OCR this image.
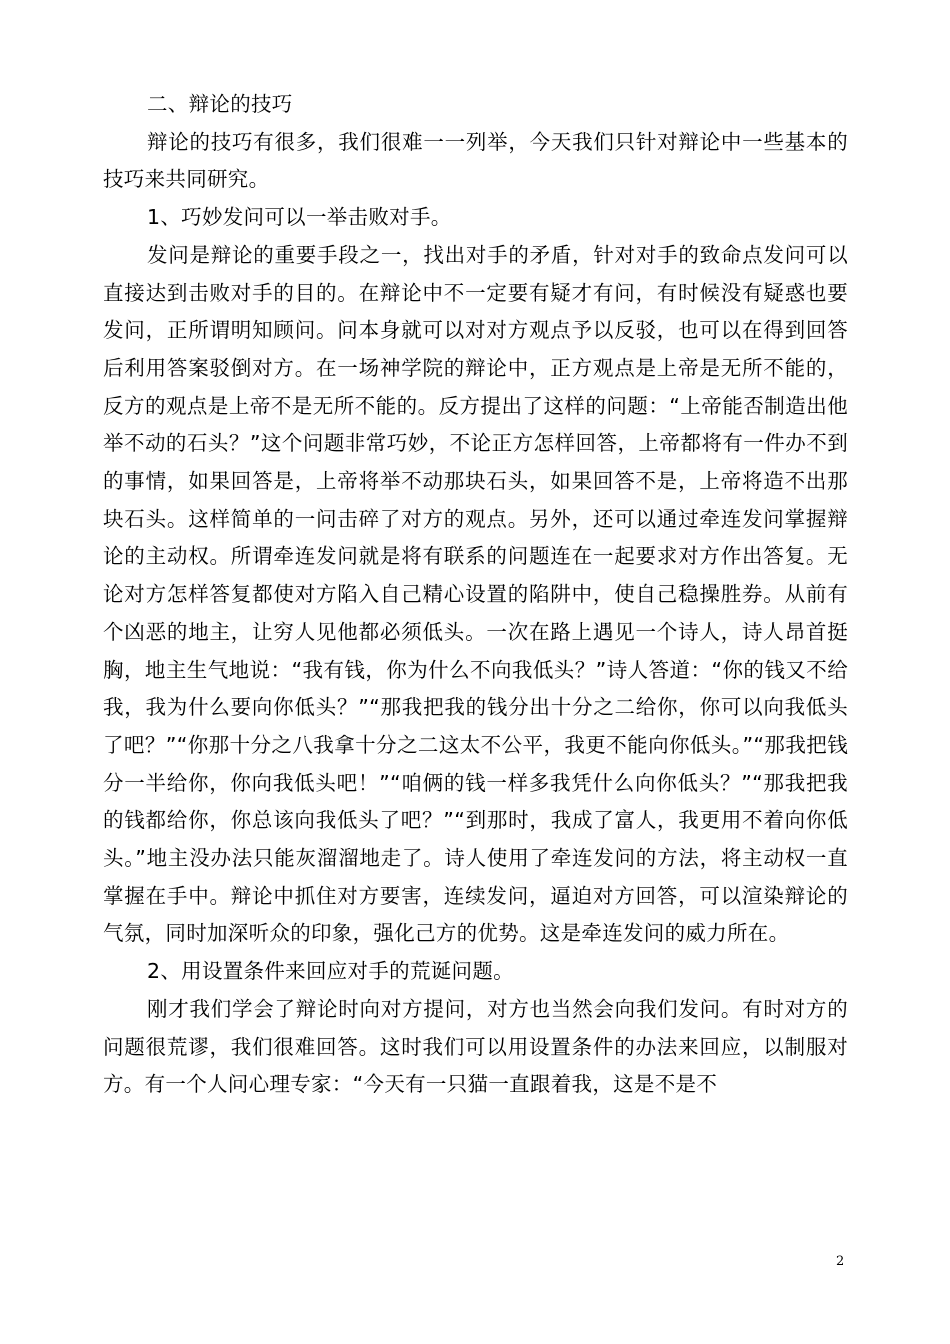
二、辩论的技巧

辩论的技巧有很多，我们很难一一列举，今天我们只针对辩论中一些基本的技巧来共同研究。

1、巧妙发问可以一举击败对手。

发问是辩论的重要手段之一，找出对手的矛盾，针对对手的致命点发问可以直接达到击败对手的目的。在辩论中不一定要有疑才有问，有时候没有疑惑也要发问，正所谓明知顾问。问本身就可以对对方观点予以反驳，也可以在得到回答后利用答案驳倒对方。在一场神学院的辩论中，正方观点是上帝是无所不能的，反方的观点是上帝不是无所不能的。反方提出了这样的问题：“上帝能否制造出他举不动的石头？”这个问题非常巧妙，不论正方怎样回答，上帝都将有一件办不到的事情，如果回答是，上帝将举不动那块石头，如果回答不是，上帝将造不出那块石头。这样简单的一问击碎了对方的观点。另外，还可以通过牵连发问掌握辩论的主动权。所谓牵连发问就是将有联系的问题连在一起要求对方作出答复。无论对方怎样答复都使对方陷入自己精心设置的陷阱中，使自己稳操胜券。从前有个凶恶的地主，让穷人见他都必须低头。一次在路上遇见一个诗人，诗人昂首挺胸，地主生气地说：“我有钱，你为什么不向我低头？”诗人答道：“你的钱又不给我，我为什么要向你低头？”“那我把我的钱分出十分之二给你，你可以向我低头了吧？”“你那十分之八我拿十分之二这太不公平，我更不能向你低头。”“那我把钱分一半给你，你向我低头吧！”“咱俩的钱一样多我凭什么向你低头？”“那我把我的钱都给你，你总该向我低头了吧？”“到那时，我成了富人，我更用不着向你低头。”地主没办法只能灰溜溜地走了。诗人使用了牵连发问的方法，将主动权一直掌握在手中。辩论中抓住对方要害，连续发问，逼迫对方回答，可以渲染辩论的气氛，同时加深听众的印象，强化己方的优势。这是牵连发问的威力所在。

2、用设置条件来回应对手的荒诞问题。

刚才我们学会了辩论时向对方提问，对方也当然会向我们发问。有时对方的问题很荒谬，我们很难回答。这时我们可以用设置条件的办法来回应，以制服对方。有一个人问心理专家：“今天有一只猫一直跟着我，这是不是不

2
